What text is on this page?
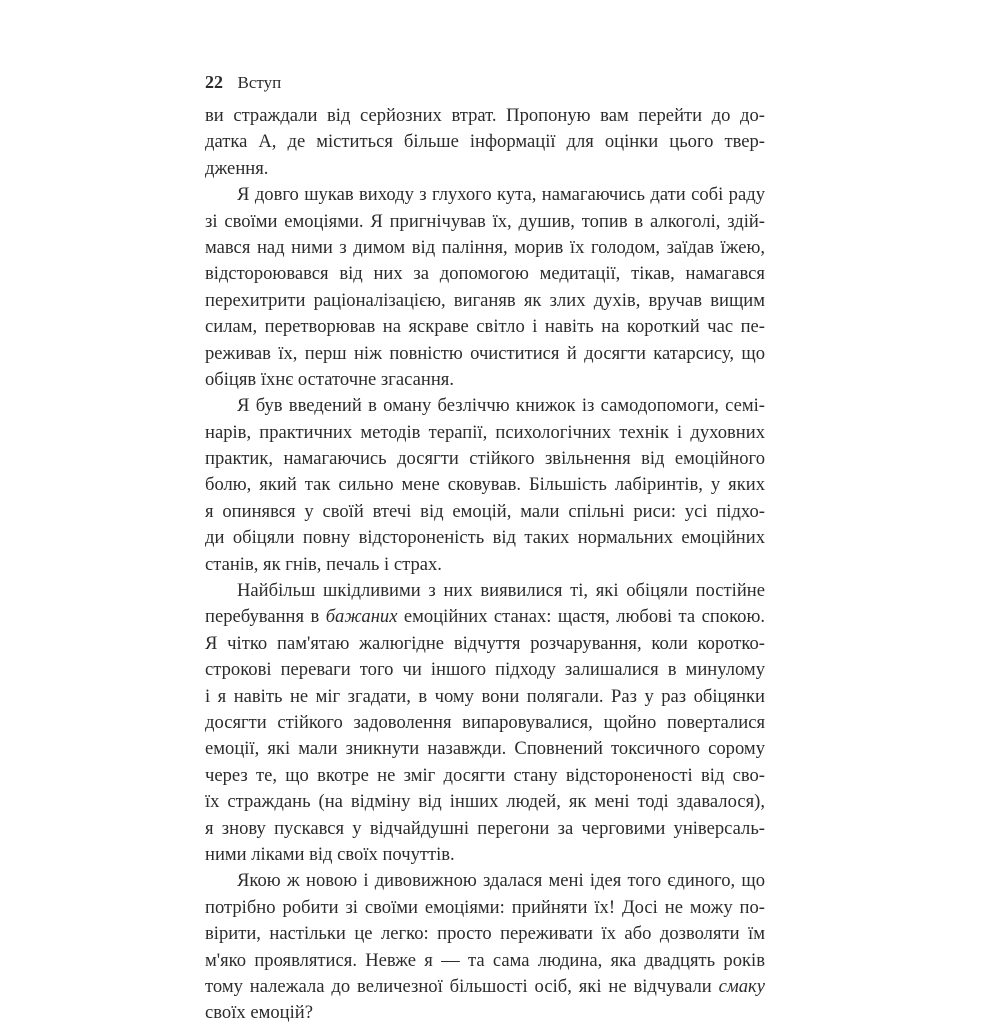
22 Вступ
ви страждали від серйозних втрат. Пропоную вам перейти до до-
датка А, де міститься більше інформації для оцінки цього твер-
дження.
Я довго шукав виходу з глухого кута, намагаючись дати собі раду
зі своїми емоціями. Я пригнічував їх, душив, топив в алкоголі, здій-
мався над ними з димом від паління, морив їх голодом, заїдав їжею,
відстороювався від них за допомогою медитації, тікав, намагався
перехитрити раціоналізацією, виганяв як злих духів, вручав вищим
силам, перетворював на яскраве світло і навіть на короткий час пе-
реживав їх, перш ніж повністю очиститися й досягти катарсису, що
обіцяв їхнє остаточне згасання.
Я був введений в оману безліччю книжок із самодопомоги, семі-
нарів, практичних методів терапії, психологічних технік і духовних
практик, намагаючись досягти стійкого звільнення від емоційного
болю, який так сильно мене сковував. Більшість лабіринтів, у яких
я опинявся у своїй втечі від емоцій, мали спільні риси: усі підхо-
ди обіцяли повну відстороненість від таких нормальних емоційних
станів, як гнів, печаль і страх.
Найбільш шкідливими з них виявилися ті, які обіцяли постійне
перебування в бажаних емоційних станах: щастя, любові та спокою.
Я чітко пам'ятаю жалюгідне відчуття розчарування, коли коротко-
строкові переваги того чи іншого підходу залишалися в минулому
і я навіть не міг згадати, в чому вони полягали. Раз у раз обіцянки
досягти стійкого задоволення випаровувалися, щойно поверталися
емоції, які мали зникнути назавжди. Сповнений токсичного сорому
через те, що вкотре не зміг досягти стану відстороненості від сво-
їх страждань (на відміну від інших людей, як мені тоді здавалося),
я знову пускався у відчайдушні перегони за черговими універсаль-
ними ліками від своїх почуттів.
Якою ж новою і дивовижною здалася мені ідея того єдиного, що
потрібно робити зі своїми емоціями: прийняти їх! Досі не можу по-
вірити, настільки це легко: просто переживати їх або дозволяти їм
м'яко проявлятися. Невже я — та сама людина, яка двадцять років
тому належала до величезної більшості осіб, які не відчували смаку
своїх емоцій?
